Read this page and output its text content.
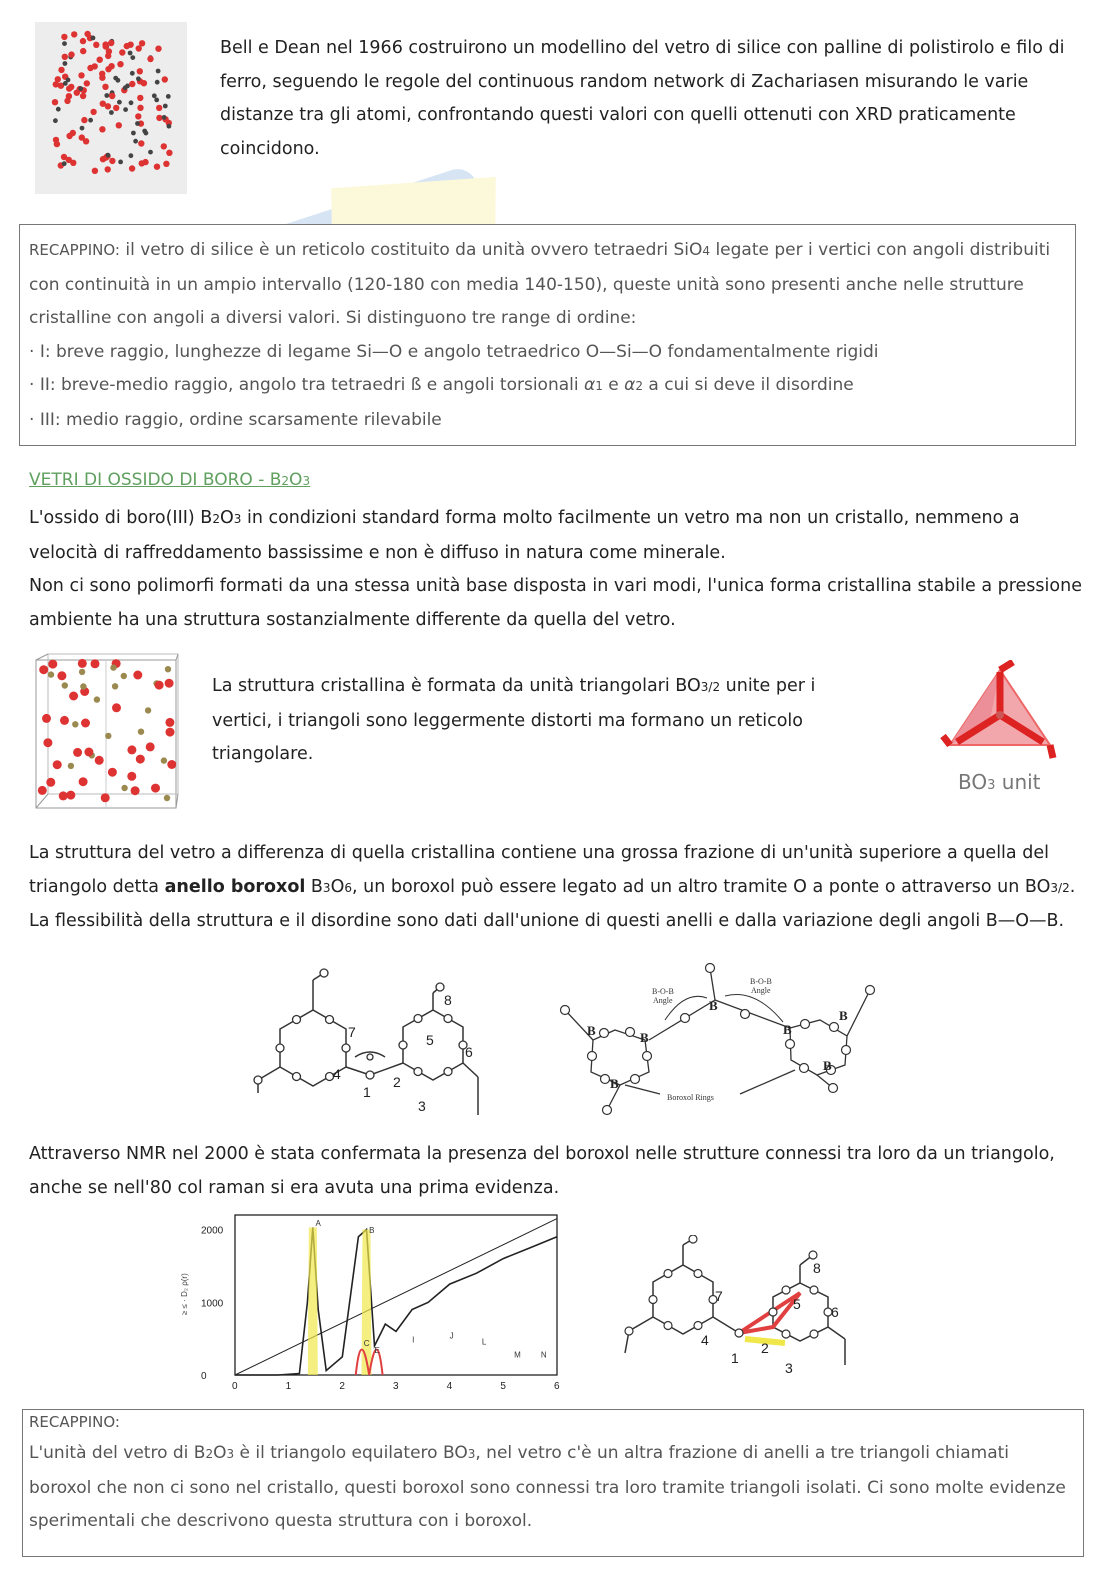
Bell e Dean nel 1966 costruirono un modellino del vetro di silice con palline di polistirolo e filo di ferro, seguendo le regole del continuous random network di Zachariasen misurando le varie distanze tra gli atomi, confrontando questi valori con quelli ottenuti con XRD praticamente coincidono.
RECAPPINO: il vetro di silice è un reticolo costituito da unità ovvero tetraedri SiO4 legate per i vertici con angoli distribuiti con continuità in un ampio intervallo (120-180 con media 140-150), queste unità sono presenti anche nelle strutture cristalline con angoli a diversi valori. Si distinguono tre range di ordine:
· I: breve raggio, lunghezze di legame Si—O e angolo tetraedrico O—Si—O fondamentalmente rigidi
· II: breve-medio raggio, angolo tra tetraedri ß e angoli torsionali α1 e α2 a cui si deve il disordine
· III: medio raggio, ordine scarsamente rilevabile
VETRI DI OSSIDO DI BORO - B2O3
L'ossido di boro(III) B2O3 in condizioni standard forma molto facilmente un vetro ma non un cristallo, nemmeno a velocità di raffreddamento bassissime e non è diffuso in natura come minerale.
Non ci sono polimorfi formati da una stessa unità base disposta in vari modi, l'unica forma cristallina stabile a pressione ambiente ha una struttura sostanzialmente differente da quella del vetro.
La struttura cristallina è formata da unità triangolari BO3/2 unite per i vertici, i triangoli sono leggermente distorti ma formano un reticolo triangolare.
BO3 unit
La struttura del vetro a differenza di quella cristallina contiene una grossa frazione di un'unità superiore a quella del triangolo detta anello boroxol B3O6, un boroxol può essere legato ad un altro tramite O a ponte o attraverso un BO3/2. La flessibilità della struttura e il disordine sono dati dall'unione di questi anelli e dalla variazione degli angoli B—O—B.
8
7	5
6
4	2
1
3
B
B
B
B
B
B
B
B-O-B
Angle
B-O-B
Angle
Boroxol Rings
Attraverso NMR nel 2000 è stata confermata la presenza del boroxol nelle strutture connessi tra loro da un triangolo, anche se nell'80 col raman si era avuta una prima evidenza.
≥ ≤ · D₂ ρ(r)
0	1	2	3	4	5	6
0
1000
2000
A
B
C
E
I	J
L
M	N
8
7	5 6
4	2
1
3
RECAPPINO:
L'unità del vetro di B2O3 è il triangolo equilatero BO3, nel vetro c'è un altra frazione di anelli a tre triangoli chiamati boroxol che non ci sono nel cristallo, questi boroxol sono connessi tra loro tramite triangoli isolati. Ci sono molte evidenze sperimentali che descrivono questa struttura con i boroxol.
